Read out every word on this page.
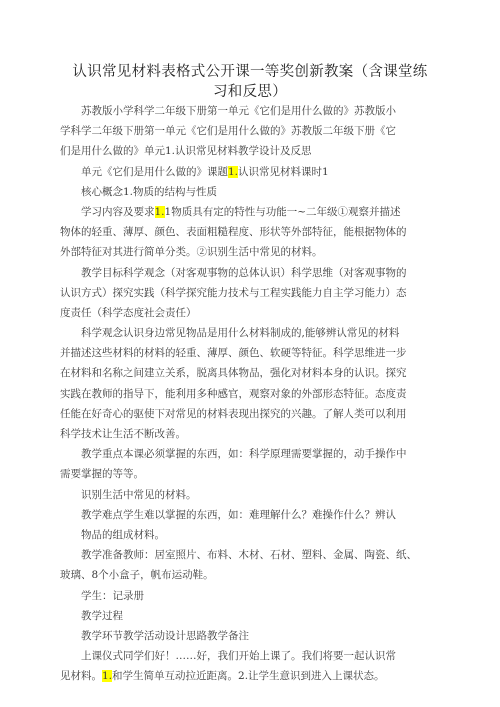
认识常见材料表格式公开课一等奖创新教案（含课堂练
习和反思）
苏教版小学科学二年级下册第一单元《它们是用什么做的》苏教版小
学科学二年级下册第一单元《它们是用什么做的》苏教版二年级下册《它
们是用什么做的》单元1.认识常见材料教学设计及反思
单元《它们是用什么做的》课题1.认识常见材料课时1
核心概念1.物质的结构与性质
学习内容及要求1.1物质具有定的特性与功能一~二年级①观察并描述
物体的轻重、薄厚、颜色、表面粗糙程度、形状等外部特征，能根据物体的
外部特征对其进行简单分类。②识别生活中常见的材料。
教学目标科学观念（对客观事物的总体认识）科学思维（对客观事物的
认识方式）探究实践（科学探究能力技术与工程实践能力自主学习能力）态
度责任（科学态度社会责任）
科学观念认识身边常见物品是用什么材料制成的,能够辨认常见的材料
并描述这些材料的材料的轻重、薄厚、颜色、软硬等特征。科学思维进一步
在材料和名称之间建立关系，脱离具体物品，强化对材料本身的认识。探究
实践在教师的指导下，能利用多种感官，观察对象的外部形态特征。态度责
任能在好奇心的驱使下对常见的材料表现出探究的兴趣。了解人类可以利用
科学技术让生活不断改善。
教学重点本课必须掌握的东西，如：科学原理需要掌握的，动手操作中
需要掌握的等等。
识别生活中常见的材料。
教学难点学生难以掌握的东西，如：难理解什么？难操作什么？辨认
物品的组成材料。
教学准备教师：居室照片、布料、木材、石材、塑料、金属、陶瓷、纸、
玻璃、8个小盒子，帆布运动鞋。
学生：记录册
教学过程
教学环节教学活动设计思路教学备注
上课仪式同学们好！……好，我们开始上课了。我们将要一起认识常
见材料。1.和学生简单互动拉近距离。2.让学生意识到进入上课状态。
